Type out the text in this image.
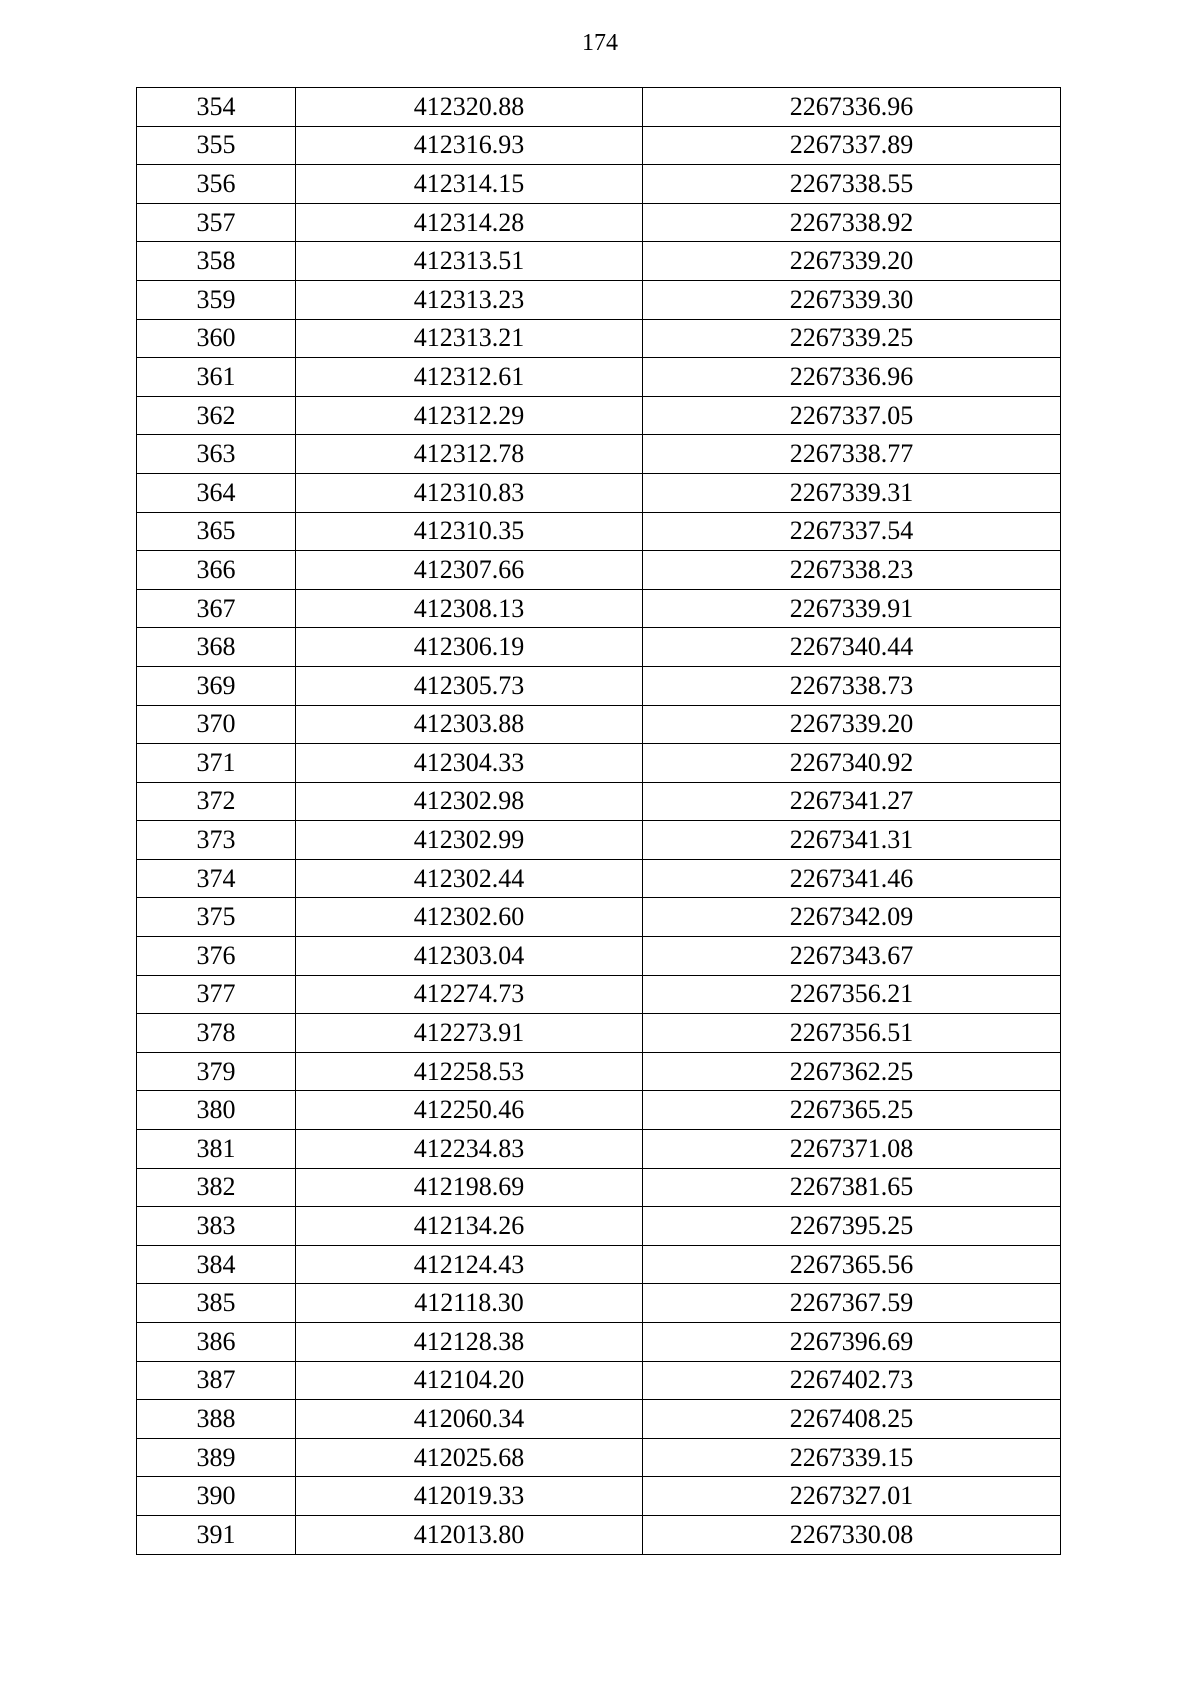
174
354	412320.88	2267336.96
355	412316.93	2267337.89
356	412314.15	2267338.55
357	412314.28	2267338.92
358	412313.51	2267339.20
359	412313.23	2267339.30
360	412313.21	2267339.25
361	412312.61	2267336.96
362	412312.29	2267337.05
363	412312.78	2267338.77
364	412310.83	2267339.31
365	412310.35	2267337.54
366	412307.66	2267338.23
367	412308.13	2267339.91
368	412306.19	2267340.44
369	412305.73	2267338.73
370	412303.88	2267339.20
371	412304.33	2267340.92
372	412302.98	2267341.27
373	412302.99	2267341.31
374	412302.44	2267341.46
375	412302.60	2267342.09
376	412303.04	2267343.67
377	412274.73	2267356.21
378	412273.91	2267356.51
379	412258.53	2267362.25
380	412250.46	2267365.25
381	412234.83	2267371.08
382	412198.69	2267381.65
383	412134.26	2267395.25
384	412124.43	2267365.56
385	412118.30	2267367.59
386	412128.38	2267396.69
387	412104.20	2267402.73
388	412060.34	2267408.25
389	412025.68	2267339.15
390	412019.33	2267327.01
391	412013.80	2267330.08
